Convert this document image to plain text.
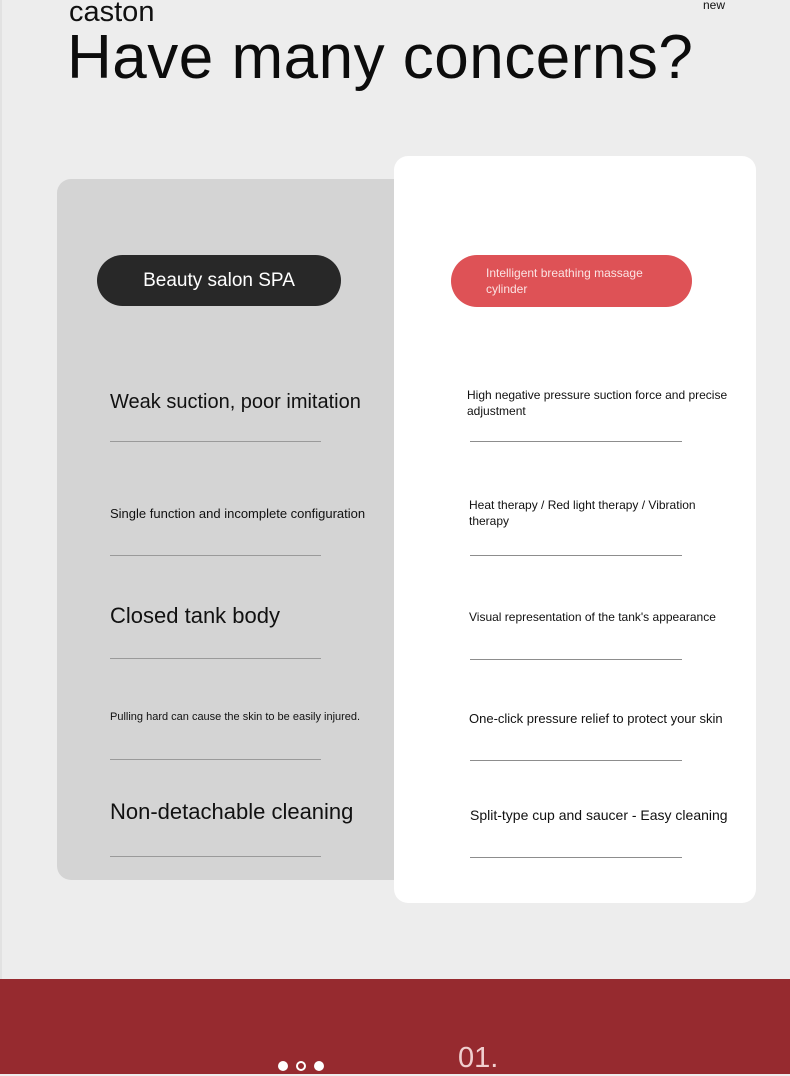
caston	new
Have many concerns?
Beauty salon SPA	Intelligent breathing massage cylinder
Weak suction, poor imitation
Single function and incomplete configuration
Closed tank body
Pulling hard can cause the skin to be easily injured.
Non-detachable cleaning
High negative pressure suction force and precise adjustment
Heat therapy / Red light therapy / Vibration therapy
Visual representation of the tank's appearance
One-click pressure relief to protect your skin
Split-type cup and saucer - Easy cleaning
01.
